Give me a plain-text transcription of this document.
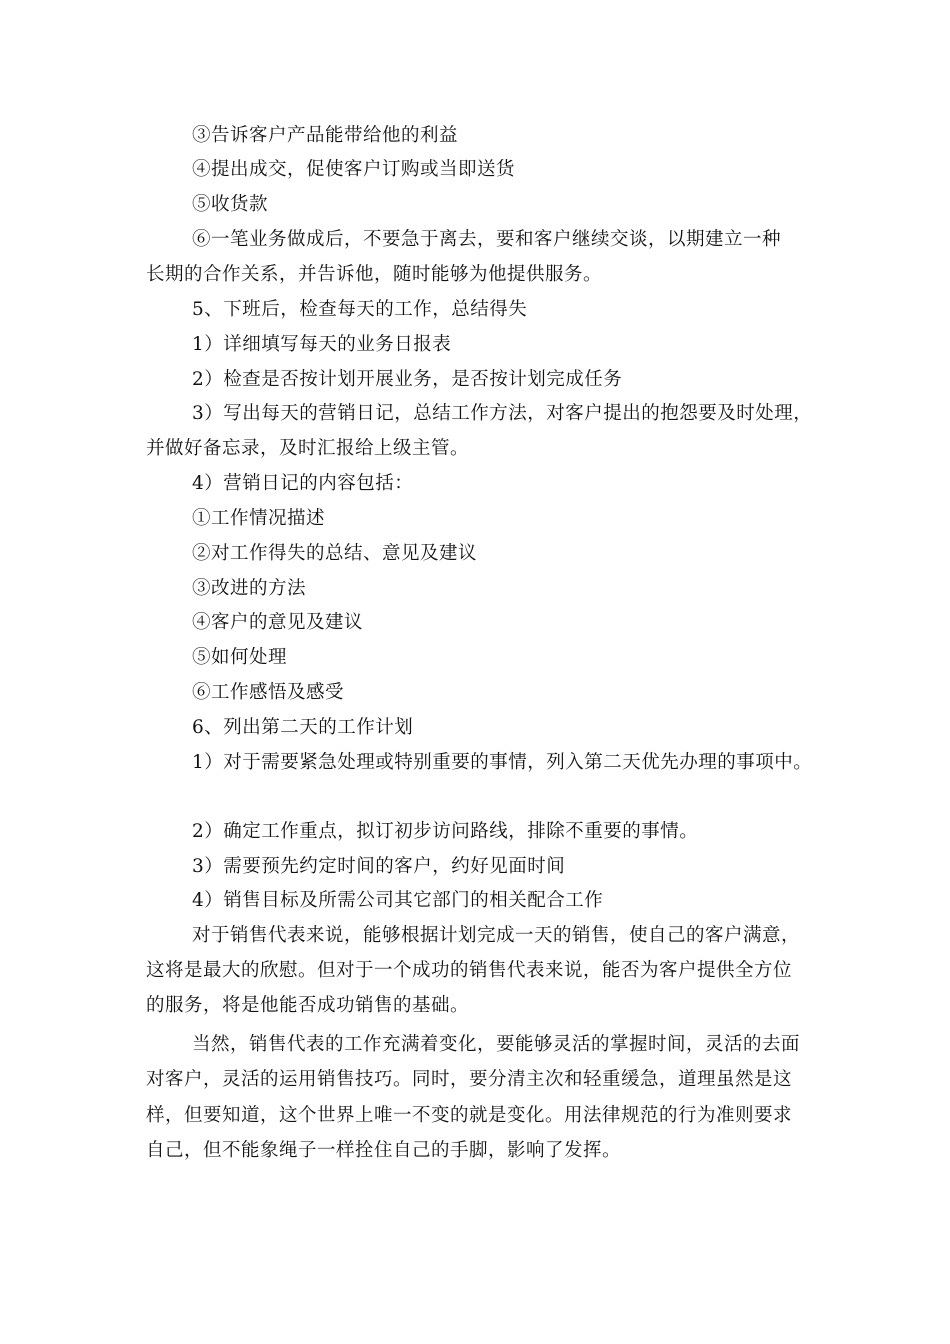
③告诉客户产品能带给他的利益
④提出成交，促使客户订购或当即送货
⑤收货款
⑥一笔业务做成后，不要急于离去，要和客户继续交谈，以期建立一种
长期的合作关系，并告诉他，随时能够为他提供服务。
5、下班后，检查每天的工作，总结得失
1）详细填写每天的业务日报表
2）检查是否按计划开展业务，是否按计划完成任务
3）写出每天的营销日记，总结工作方法，对客户提出的抱怨要及时处理，
并做好备忘录，及时汇报给上级主管。
4）营销日记的内容包括：
①工作情况描述
②对工作得失的总结、意见及建议
③改进的方法
④客户的意见及建议
⑤如何处理
⑥工作感悟及感受
6、列出第二天的工作计划
1）对于需要紧急处理或特别重要的事情，列入第二天优先办理的事项中。
2）确定工作重点，拟订初步访问路线，排除不重要的事情。
3）需要预先约定时间的客户，约好见面时间
4）销售目标及所需公司其它部门的相关配合工作
对于销售代表来说，能够根据计划完成一天的销售，使自己的客户满意，
这将是最大的欣慰。但对于一个成功的销售代表来说，能否为客户提供全方位
的服务，将是他能否成功销售的基础。
当然，销售代表的工作充满着变化，要能够灵活的掌握时间，灵活的去面
对客户，灵活的运用销售技巧。同时，要分清主次和轻重缓急，道理虽然是这
样，但要知道，这个世界上唯一不变的就是变化。用法律规范的行为准则要求
自己，但不能象绳子一样拴住自己的手脚，影响了发挥。
